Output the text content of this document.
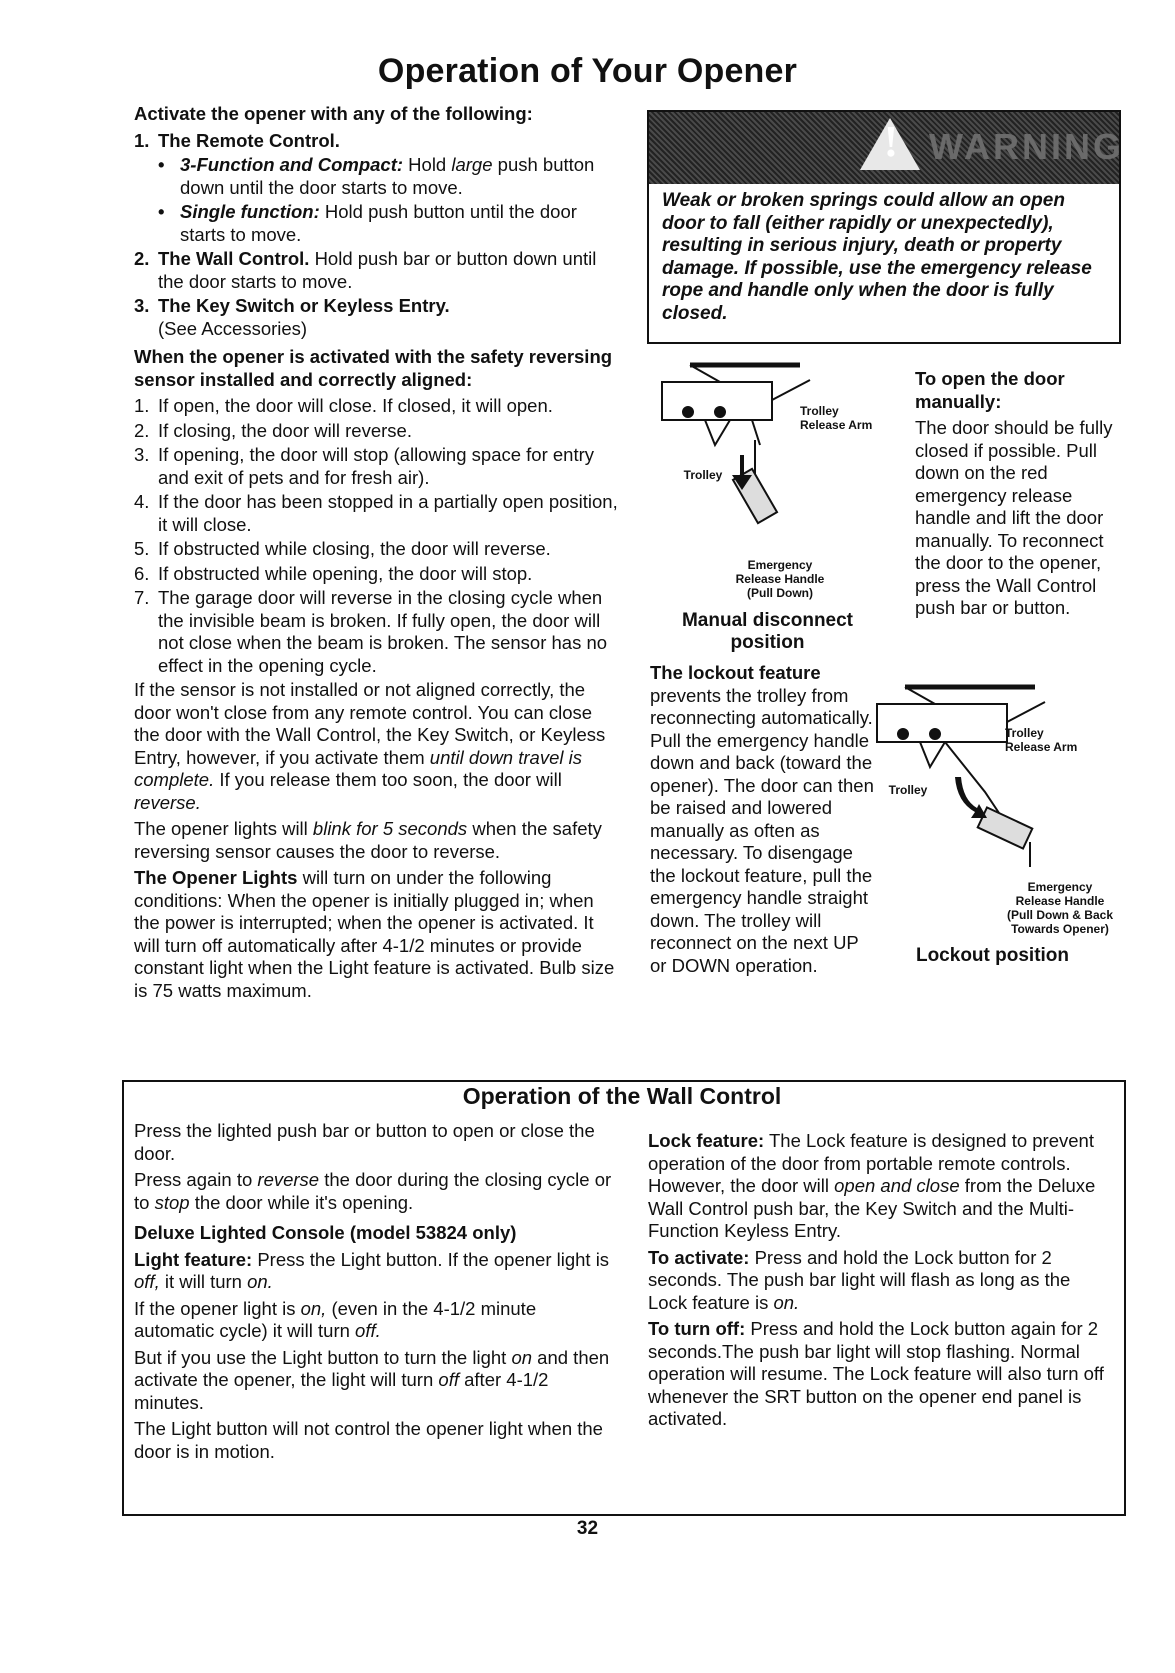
Operation of Your Opener

Activate the opener with any of the following:

1. The Remote Control.
• 3-Function and Compact: Hold large push button down until the door starts to move.
• Single function: Hold push button until the door starts to move.
2. The Wall Control. Hold push bar or button down until the door starts to move.
3. The Key Switch or Keyless Entry.
(See Accessories)

When the opener is activated with the safety reversing sensor installed and correctly aligned:

1. If open, the door will close. If closed, it will open.
2. If closing, the door will reverse.
3. If opening, the door will stop (allowing space for entry and exit of pets and for fresh air).
4. If the door has been stopped in a partially open position, it will close.
5. If obstructed while closing, the door will reverse.
6. If obstructed while opening, the door will stop.
7. The garage door will reverse in the closing cycle when the invisible beam is broken. If fully open, the door will not close when the beam is broken. The sensor has no effect in the opening cycle.

If the sensor is not installed or not aligned correctly, the door won't close from any remote control. You can close the door with the Wall Control, the Key Switch, or Keyless Entry, however, if you activate them until down travel is complete. If you release them too soon, the door will reverse.

The opener lights will blink for 5 seconds when the safety reversing sensor causes the door to reverse.

The Opener Lights will turn on under the following conditions: When the opener is initially plugged in; when the power is interrupted; when the opener is activated. It will turn off automatically after 4-1/2 minutes or provide constant light when the Light feature is activated. Bulb size is 75 watts maximum.

! WARNING
Weak or broken springs could allow an open door to fall (either rapidly or unexpectedly), resulting in serious injury, death or property damage. If possible, use the emergency release rope and handle only when the door is fully closed.
Trolley
Trolley
Release Arm
Emergency
Release Handle
(Pull Down)
Manual disconnect position

To open the door manually:

The door should be fully closed if possible. Pull down on the red emergency release handle and lift the door manually. To reconnect the door to the opener, press the Wall Control push bar or button.

The lockout feature prevents the trolley from reconnecting automatically. Pull the emergency handle down and back (toward the opener). The door can then be raised and lowered manually as often as necessary. To disengage the lockout feature, pull the emergency handle straight down. The trolley will reconnect on the next UP or DOWN operation.

Trolley
Trolley
Release Arm
Emergency
Release Handle
(Pull Down & Back
Towards Opener)
Lockout position
Operation of the Wall Control

Press the lighted push bar or button to open or close the door.

Press again to reverse the door during the closing cycle or to stop the door while it's opening.

Deluxe Lighted Console (model 53824 only)

Light feature: Press the Light button. If the opener light is off, it will turn on.

If the opener light is on, (even in the 4-1/2 minute automatic cycle) it will turn off.

But if you use the Light button to turn the light on and then activate the opener, the light will turn off after 4-1/2 minutes.

The Light button will not control the opener light when the door is in motion.

Lock feature: The Lock feature is designed to prevent operation of the door from portable remote controls. However, the door will open and close from the Deluxe Wall Control push bar, the Key Switch and the Multi-Function Keyless Entry.

To activate: Press and hold the Lock button for 2 seconds. The push bar light will flash as long as the Lock feature is on.

To turn off: Press and hold the Lock button again for 2 seconds.The push bar light will stop flashing. Normal operation will resume. The Lock feature will also turn off whenever the SRT button on the opener end panel is activated.

32
